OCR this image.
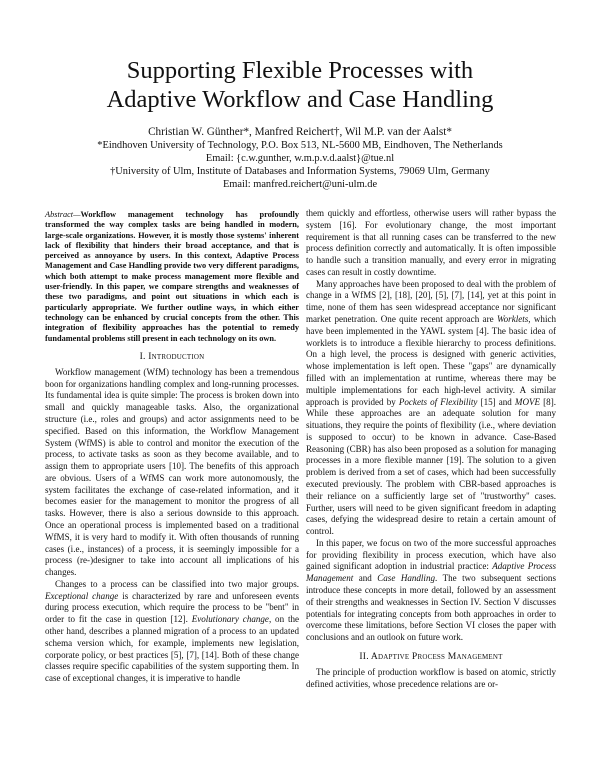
Supporting Flexible Processes with
Adaptive Workflow and Case Handling
Christian W. Günther*, Manfred Reichert†, Wil M.P. van der Aalst*
*Eindhoven University of Technology, P.O. Box 513, NL-5600 MB, Eindhoven, The Netherlands
Email: {c.w.gunther, w.m.p.v.d.aalst}@tue.nl
†University of Ulm, Institute of Databases and Information Systems, 79069 Ulm, Germany
Email: manfred.reichert@uni-ulm.de

Abstract—Workflow management technology has profoundly transformed the way complex tasks are being handled in modern, large-scale organizations. However, it is mostly those systems' inherent lack of flexibility that hinders their broad acceptance, and that is perceived as annoyance by users. In this context, Adaptive Process Management and Case Handling provide two very different paradigms, which both attempt to make process management more flexible and user-friendly. In this paper, we compare strengths and weaknesses of these two paradigms, and point out situations in which each is particularly appropriate. We further outline ways, in which either technology can be enhanced by crucial concepts from the other. This integration of flexibility approaches has the potential to remedy fundamental problems still present in each technology on its own.

I. Introduction

Workflow management (WfM) technology has been a tremendous boon for organizations handling complex and long-running processes. Its fundamental idea is quite simple: The process is broken down into small and quickly manageable tasks. Also, the organizational structure (i.e., roles and groups) and actor assignments need to be specified. Based on this information, the Workflow Management System (WfMS) is able to control and monitor the execution of the process, to activate tasks as soon as they become available, and to assign them to appropriate users [10]. The benefits of this approach are obvious. Users of a WfMS can work more autonomously, the system facilitates the exchange of case-related information, and it becomes easier for the management to monitor the progress of all tasks. However, there is also a serious downside to this approach. Once an operational process is implemented based on a traditional WfMS, it is very hard to modify it. With often thousands of running cases (i.e., instances) of a process, it is seemingly impossible for a process (re-)designer to take into account all implications of his changes.

Changes to a process can be classified into two major groups. Exceptional change is characterized by rare and unforeseen events during process execution, which require the process to be "bent" in order to fit the case in question [12]. Evolutionary change, on the other hand, describes a planned migration of a process to an updated schema version which, for example, implements new legislation, corporate policy, or best practices [5], [7], [14]. Both of these change classes require specific capabilities of the system supporting them. In case of exceptional changes, it is imperative to handle

them quickly and effortless, otherwise users will rather bypass the system [16]. For evolutionary change, the most important requirement is that all running cases can be transferred to the new process definition correctly and automatically. It is often impossible to handle such a transition manually, and every error in migrating cases can result in costly downtime.

Many approaches have been proposed to deal with the problem of change in a WfMS [2], [18], [20], [5], [7], [14], yet at this point in time, none of them has seen widespread acceptance nor significant market penetration. One quite recent approach are Worklets, which have been implemented in the YAWL system [4]. The basic idea of worklets is to introduce a flexible hierarchy to process definitions. On a high level, the process is designed with generic activities, whose implementation is left open. These "gaps" are dynamically filled with an implementation at runtime, whereas there may be multiple implementations for each high-level activity. A similar approach is provided by Pockets of Flexibility [15] and MOVE [8]. While these approaches are an adequate solution for many situations, they require the points of flexibility (i.e., where deviation is supposed to occur) to be known in advance. Case-Based Reasoning (CBR) has also been proposed as a solution for managing processes in a more flexible manner [19]. The solution to a given problem is derived from a set of cases, which had been successfully executed previously. The problem with CBR-based approaches is their reliance on a sufficiently large set of "trustworthy" cases. Further, users will need to be given significant freedom in adapting cases, defying the widespread desire to retain a certain amount of control.

In this paper, we focus on two of the more successful approaches for providing flexibility in process execution, which have also gained significant adoption in industrial practice: Adaptive Process Management and Case Handling. The two subsequent sections introduce these concepts in more detail, followed by an assessment of their strengths and weaknesses in Section IV. Section V discusses potentials for integrating concepts from both approaches in order to overcome these limitations, before Section VI closes the paper with conclusions and an outlook on future work.

II. Adaptive Process Management

The principle of production workflow is based on atomic, strictly defined activities, whose precedence relations are or-
